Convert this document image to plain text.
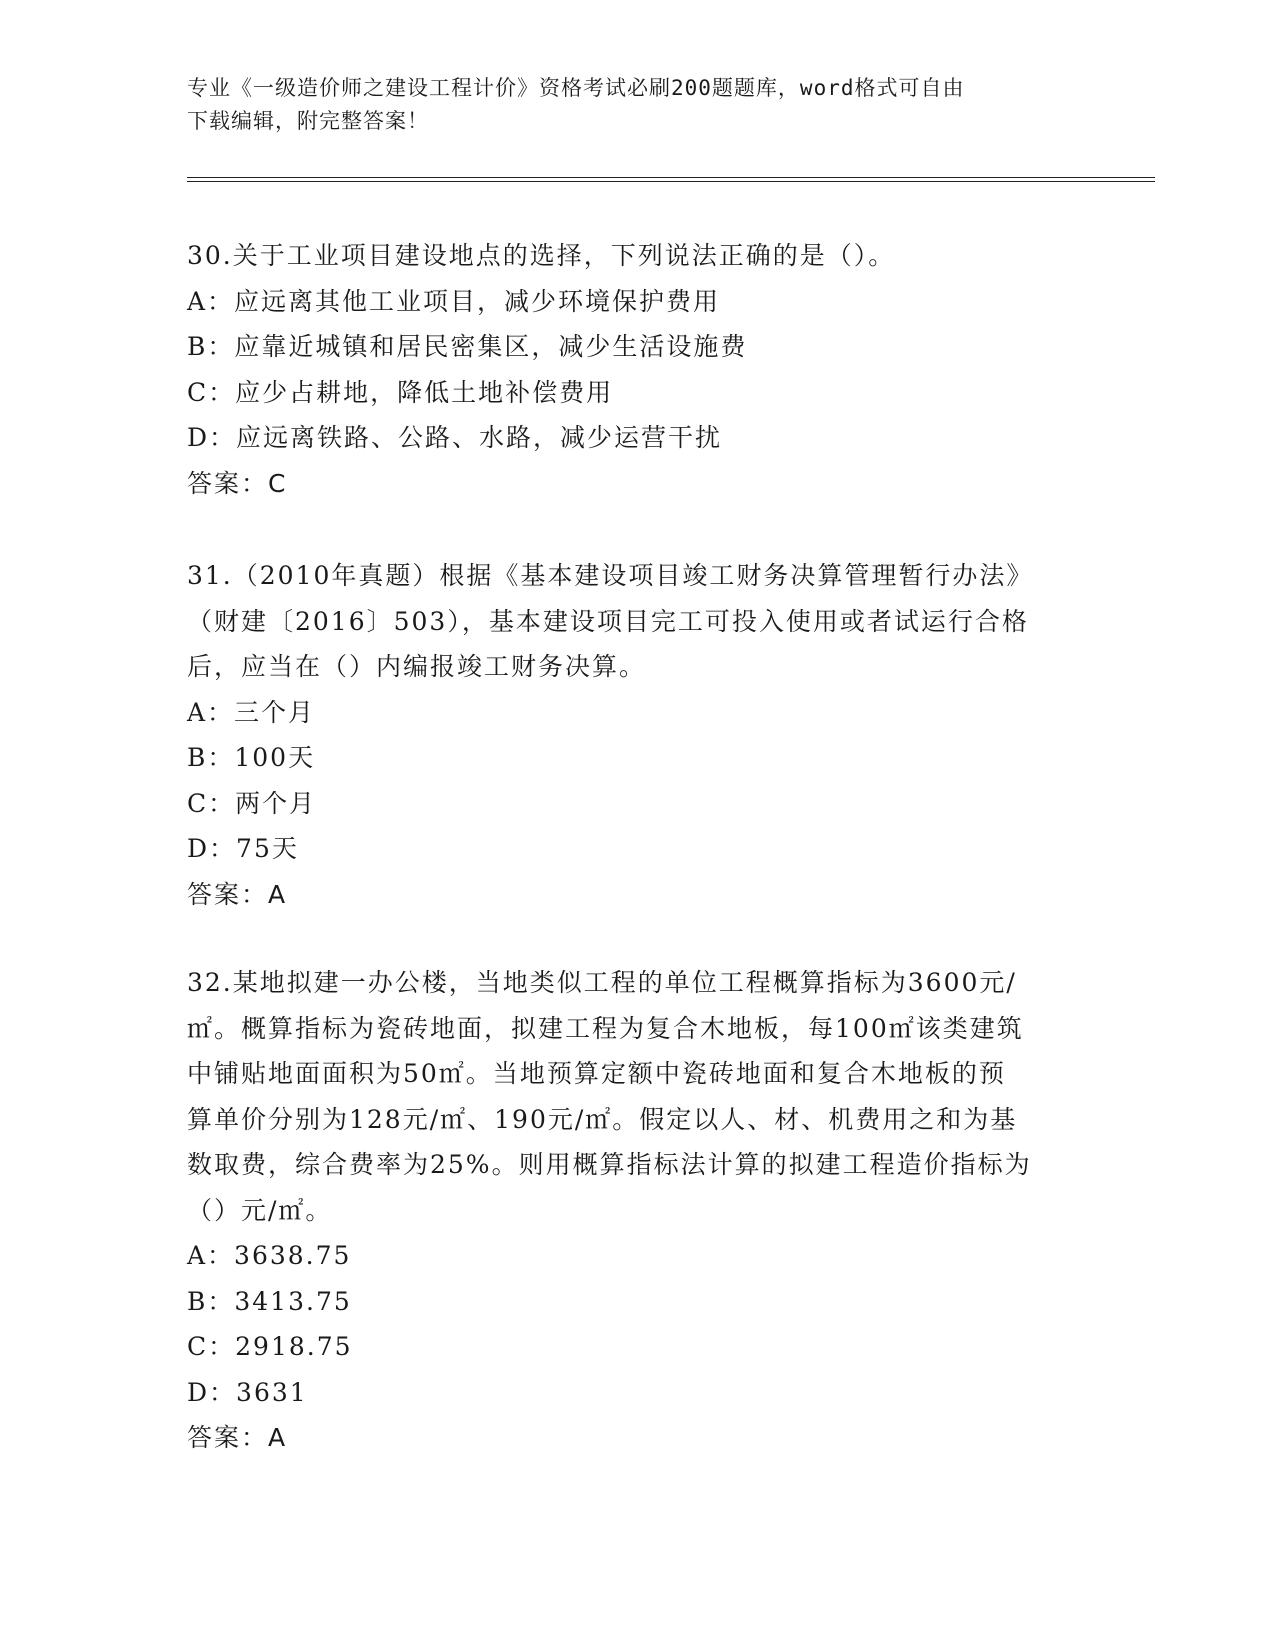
专业《一级造价师之建设工程计价》资格考试必刷200题题库，word格式可自由
下载编辑，附完整答案！
30.关于工业项目建设地点的选择，下列说法正确的是（）。
A：应远离其他工业项目，减少环境保护费用
B：应靠近城镇和居民密集区，减少生活设施费
C：应少占耕地，降低土地补偿费用
D：应远离铁路、公路、水路，减少运营干扰
答案：C
31.（2010年真题）根据《基本建设项目竣工财务决算管理暂行办法》
（财建〔2016〕503），基本建设项目完工可投入使用或者试运行合格
后，应当在（）内编报竣工财务决算。
A：三个月
B：100天
C：两个月
D：75天
答案：A
32.某地拟建一办公楼，当地类似工程的单位工程概算指标为3600元/
㎡。概算指标为瓷砖地面，拟建工程为复合木地板，每100㎡该类建筑
中铺贴地面面积为50㎡。当地预算定额中瓷砖地面和复合木地板的预
算单价分别为128元/㎡、190元/㎡。假定以人、材、机费用之和为基
数取费，综合费率为25%。则用概算指标法计算的拟建工程造价指标为
（）元/㎡。
A：3638.75
B：3413.75
C：2918.75
D：3631
答案：A
